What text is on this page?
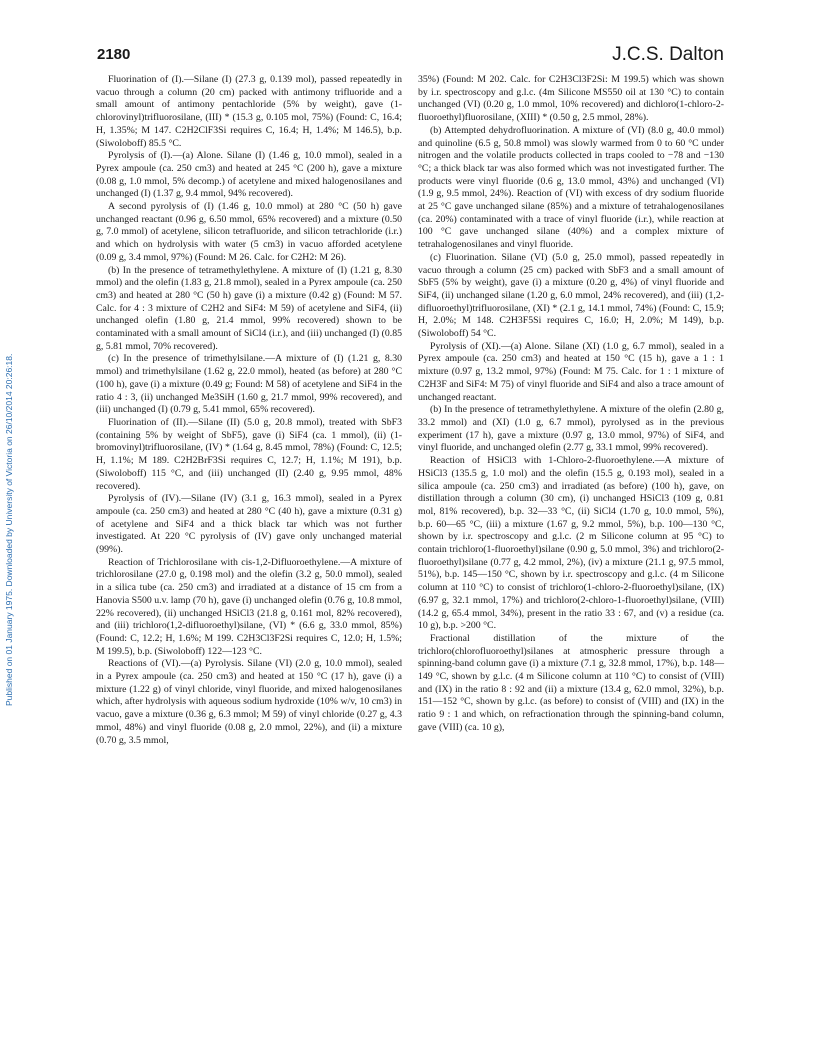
Published on 01 January 1975. Downloaded by University of Victoria on 26/10/2014 20:26:18.
2180	J.C.S. Dalton

Fluorination of (I).—Silane (I) (27.3 g, 0.139 mol), passed repeatedly in vacuo through a column (20 cm) packed with antimony trifluoride and a small amount of antimony pentachloride (5% by weight), gave (1-chlorovinyl)trifluorosilane, (III) * (15.3 g, 0.105 mol, 75%) (Found: C, 16.4; H, 1.35%; M 147. C2H2ClF3Si requires C, 16.4; H, 1.4%; M 146.5), b.p. (Siwoloboff) 85.5 °C.

Pyrolysis of (I).—(a) Alone. Silane (I) (1.46 g, 10.0 mmol), sealed in a Pyrex ampoule (ca. 250 cm3) and heated at 245 °C (200 h), gave a mixture (0.08 g, 1.0 mmol, 5% decomp.) of acetylene and mixed halogenosilanes and unchanged (I) (1.37 g, 9.4 mmol, 94% recovered).

A second pyrolysis of (I) (1.46 g, 10.0 mmol) at 280 °C (50 h) gave unchanged reactant (0.96 g, 6.50 mmol, 65% recovered) and a mixture (0.50 g, 7.0 mmol) of acetylene, silicon tetrafluoride, and silicon tetrachloride (i.r.) and which on hydrolysis with water (5 cm3) in vacuo afforded acetylene (0.09 g, 3.4 mmol, 97%) (Found: M 26. Calc. for C2H2: M 26).

(b) In the presence of tetramethylethylene. A mixture of (I) (1.21 g, 8.30 mmol) and the olefin (1.83 g, 21.8 mmol), sealed in a Pyrex ampoule (ca. 250 cm3) and heated at 280 °C (50 h) gave (i) a mixture (0.42 g) (Found: M 57. Calc. for 4 : 3 mixture of C2H2 and SiF4: M 59) of acetylene and SiF4, (ii) unchanged olefin (1.80 g, 21.4 mmol, 99% recovered) shown to be contaminated with a small amount of SiCl4 (i.r.), and (iii) unchanged (I) (0.85 g, 5.81 mmol, 70% recovered).

(c) In the presence of trimethylsilane.—A mixture of (I) (1.21 g, 8.30 mmol) and trimethylsilane (1.62 g, 22.0 mmol), heated (as before) at 280 °C (100 h), gave (i) a mixture (0.49 g; Found: M 58) of acetylene and SiF4 in the ratio 4 : 3, (ii) unchanged Me3SiH (1.60 g, 21.7 mmol, 99% recovered), and (iii) unchanged (I) (0.79 g, 5.41 mmol, 65% recovered).

Fluorination of (II).—Silane (II) (5.0 g, 20.8 mmol), treated with SbF3 (containing 5% by weight of SbF5), gave (i) SiF4 (ca. 1 mmol), (ii) (1-bromovinyl)trifluorosilane, (IV) * (1.64 g, 8.45 mmol, 78%) (Found: C, 12.5; H, 1.1%; M 189. C2H2BrF3Si requires C, 12.7; H, 1.1%; M 191), b.p. (Siwoloboff) 115 °C, and (iii) unchanged (II) (2.40 g, 9.95 mmol, 48% recovered).

Pyrolysis of (IV).—Silane (IV) (3.1 g, 16.3 mmol), sealed in a Pyrex ampoule (ca. 250 cm3) and heated at 280 °C (40 h), gave a mixture (0.31 g) of acetylene and SiF4 and a thick black tar which was not further investigated. At 220 °C pyrolysis of (IV) gave only unchanged material (99%).

Reaction of Trichlorosilane with cis-1,2-Difluoroethylene.—A mixture of trichlorosilane (27.0 g, 0.198 mol) and the olefin (3.2 g, 50.0 mmol), sealed in a silica tube (ca. 250 cm3) and irradiated at a distance of 15 cm from a Hanovia S500 u.v. lamp (70 h), gave (i) unchanged olefin (0.76 g, 10.8 mmol, 22% recovered), (ii) unchanged HSiCl3 (21.8 g, 0.161 mol, 82% recovered), and (iii) trichloro(1,2-difluoroethyl)silane, (VI) * (6.6 g, 33.0 mmol, 85%) (Found: C, 12.2; H, 1.6%; M 199. C2H3Cl3F2Si requires C, 12.0; H, 1.5%; M 199.5), b.p. (Siwoloboff) 122—123 °C.

Reactions of (VI).—(a) Pyrolysis. Silane (VI) (2.0 g, 10.0 mmol), sealed in a Pyrex ampoule (ca. 250 cm3) and heated at 150 °C (17 h), gave (i) a mixture (1.22 g) of vinyl chloride, vinyl fluoride, and mixed halogenosilanes which, after hydrolysis with aqueous sodium hydroxide (10% w/v, 10 cm3) in vacuo, gave a mixture (0.36 g, 6.3 mmol; M 59) of vinyl chloride (0.27 g, 4.3 mmol, 48%) and vinyl fluoride (0.08 g, 2.0 mmol, 22%), and (ii) a mixture (0.70 g, 3.5 mmol,

35%) (Found: M 202. Calc. for C2H3Cl3F2Si: M 199.5) which was shown by i.r. spectroscopy and g.l.c. (4m Silicone MS550 oil at 130 °C) to contain unchanged (VI) (0.20 g, 1.0 mmol, 10% recovered) and dichloro(1-chloro-2-fluoroethyl)fluorosilane, (XIII) * (0.50 g, 2.5 mmol, 28%).

(b) Attempted dehydrofluorination. A mixture of (VI) (8.0 g, 40.0 mmol) and quinoline (6.5 g, 50.8 mmol) was slowly warmed from 0 to 60 °C under nitrogen and the volatile products collected in traps cooled to −78 and −130 °C; a thick black tar was also formed which was not investigated further. The products were vinyl fluoride (0.6 g, 13.0 mmol, 43%) and unchanged (VI) (1.9 g, 9.5 mmol, 24%). Reaction of (VI) with excess of dry sodium fluoride at 25 °C gave unchanged silane (85%) and a mixture of tetrahalogenosilanes (ca. 20%) contaminated with a trace of vinyl fluoride (i.r.), while reaction at 100 °C gave unchanged silane (40%) and a complex mixture of tetrahalogenosilanes and vinyl fluoride.

(c) Fluorination. Silane (VI) (5.0 g, 25.0 mmol), passed repeatedly in vacuo through a column (25 cm) packed with SbF3 and a small amount of SbF5 (5% by weight), gave (i) a mixture (0.20 g, 4%) of vinyl fluoride and SiF4, (ii) unchanged silane (1.20 g, 6.0 mmol, 24% recovered), and (iii) (1,2-difluoroethyl)trifluorosilane, (XI) * (2.1 g, 14.1 mmol, 74%) (Found: C, 15.9; H, 2.0%; M 148. C2H3F5Si requires C, 16.0; H, 2.0%; M 149), b.p. (Siwoloboff) 54 °C.

Pyrolysis of (XI).—(a) Alone. Silane (XI) (1.0 g, 6.7 mmol), sealed in a Pyrex ampoule (ca. 250 cm3) and heated at 150 °C (15 h), gave a 1 : 1 mixture (0.97 g, 13.2 mmol, 97%) (Found: M 75. Calc. for 1 : 1 mixture of C2H3F and SiF4: M 75) of vinyl fluoride and SiF4 and also a trace amount of unchanged reactant.

(b) In the presence of tetramethylethylene. A mixture of the olefin (2.80 g, 33.2 mmol) and (XI) (1.0 g, 6.7 mmol), pyrolysed as in the previous experiment (17 h), gave a mixture (0.97 g, 13.0 mmol, 97%) of SiF4, and vinyl fluoride, and unchanged olefin (2.77 g, 33.1 mmol, 99% recovered).

Reaction of HSiCl3 with 1-Chloro-2-fluoroethylene.—A mixture of HSiCl3 (135.5 g, 1.0 mol) and the olefin (15.5 g, 0.193 mol), sealed in a silica ampoule (ca. 250 cm3) and irradiated (as before) (100 h), gave, on distillation through a column (30 cm), (i) unchanged HSiCl3 (109 g, 0.81 mol, 81% recovered), b.p. 32—33 °C, (ii) SiCl4 (1.70 g, 10.0 mmol, 5%), b.p. 60—65 °C, (iii) a mixture (1.67 g, 9.2 mmol, 5%), b.p. 100—130 °C, shown by i.r. spectroscopy and g.l.c. (2 m Silicone column at 95 °C) to contain trichloro(1-fluoroethyl)silane (0.90 g, 5.0 mmol, 3%) and trichloro(2-fluoroethyl)silane (0.77 g, 4.2 mmol, 2%), (iv) a mixture (21.1 g, 97.5 mmol, 51%), b.p. 145—150 °C, shown by i.r. spectroscopy and g.l.c. (4 m Silicone column at 110 °C) to consist of trichloro(1-chloro-2-fluoroethyl)silane, (IX) (6.97 g, 32.1 mmol, 17%) and trichloro(2-chloro-1-fluoroethyl)silane, (VIII) (14.2 g, 65.4 mmol, 34%), present in the ratio 33 : 67, and (v) a residue (ca. 10 g), b.p. >200 °C.

Fractional distillation of the mixture of the trichloro(chlorofluoroethyl)silanes at atmospheric pressure through a spinning-band column gave (i) a mixture (7.1 g, 32.8 mmol, 17%), b.p. 148—149 °C, shown by g.l.c. (4 m Silicone column at 110 °C) to consist of (VIII) and (IX) in the ratio 8 : 92 and (ii) a mixture (13.4 g, 62.0 mmol, 32%), b.p. 151—152 °C, shown by g.l.c. (as before) to consist of (VIII) and (IX) in the ratio 9 : 1 and which, on refractionation through the spinning-band column, gave (VIII) (ca. 10 g),
